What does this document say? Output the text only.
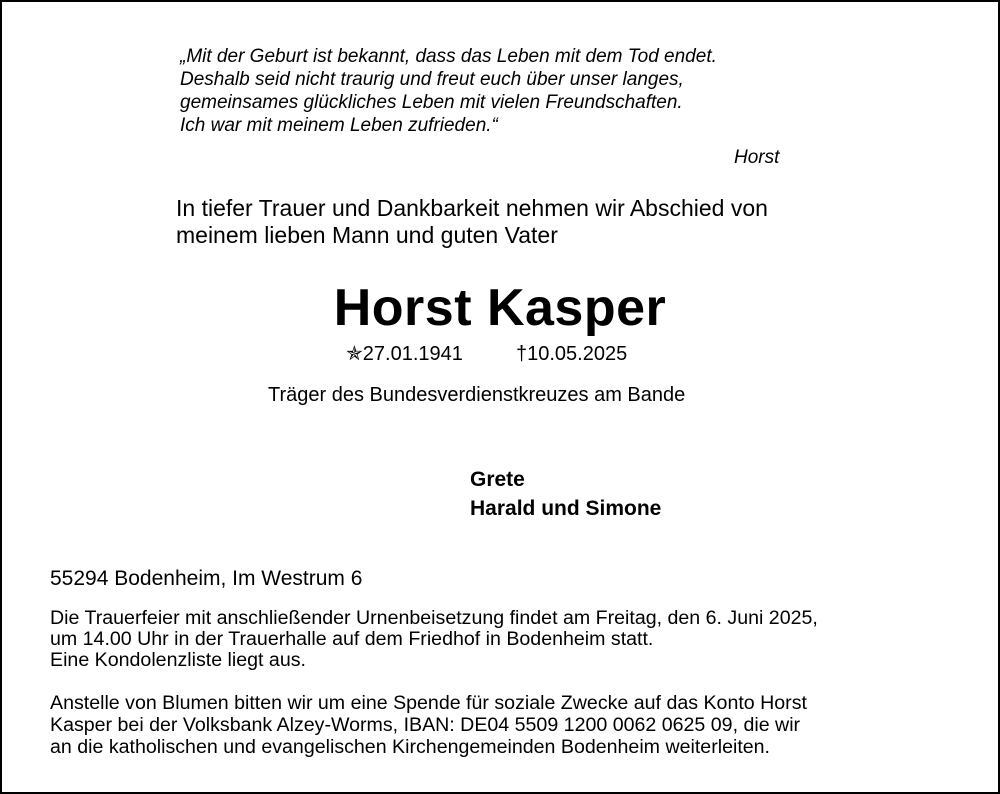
„Mit der Geburt ist bekannt, dass das Leben mit dem Tod endet.
Deshalb seid nicht traurig und freut euch über unser langes,
gemeinsames glückliches Leben mit vielen Freundschaften.
Ich war mit meinem Leben zufrieden.“
Horst
In tiefer Trauer und Dankbarkeit nehmen wir Abschied von
meinem lieben Mann und guten Vater
Horst Kasper
✯27.01.1941	†10.05.2025
Träger des Bundesverdienstkreuzes am Bande
Grete
Harald und Simone
55294 Bodenheim, Im Westrum 6
Die Trauerfeier mit anschließender Urnenbeisetzung findet am Freitag, den 6. Juni 2025,
um 14.00 Uhr in der Trauerhalle auf dem Friedhof in Bodenheim statt.
Eine Kondolenzliste liegt aus.
Anstelle von Blumen bitten wir um eine Spende für soziale Zwecke auf das Konto Horst
Kasper bei der Volksbank Alzey-Worms, IBAN: DE04 5509 1200 0062 0625 09, die wir
an die katholischen und evangelischen Kirchengemeinden Bodenheim weiterleiten.
